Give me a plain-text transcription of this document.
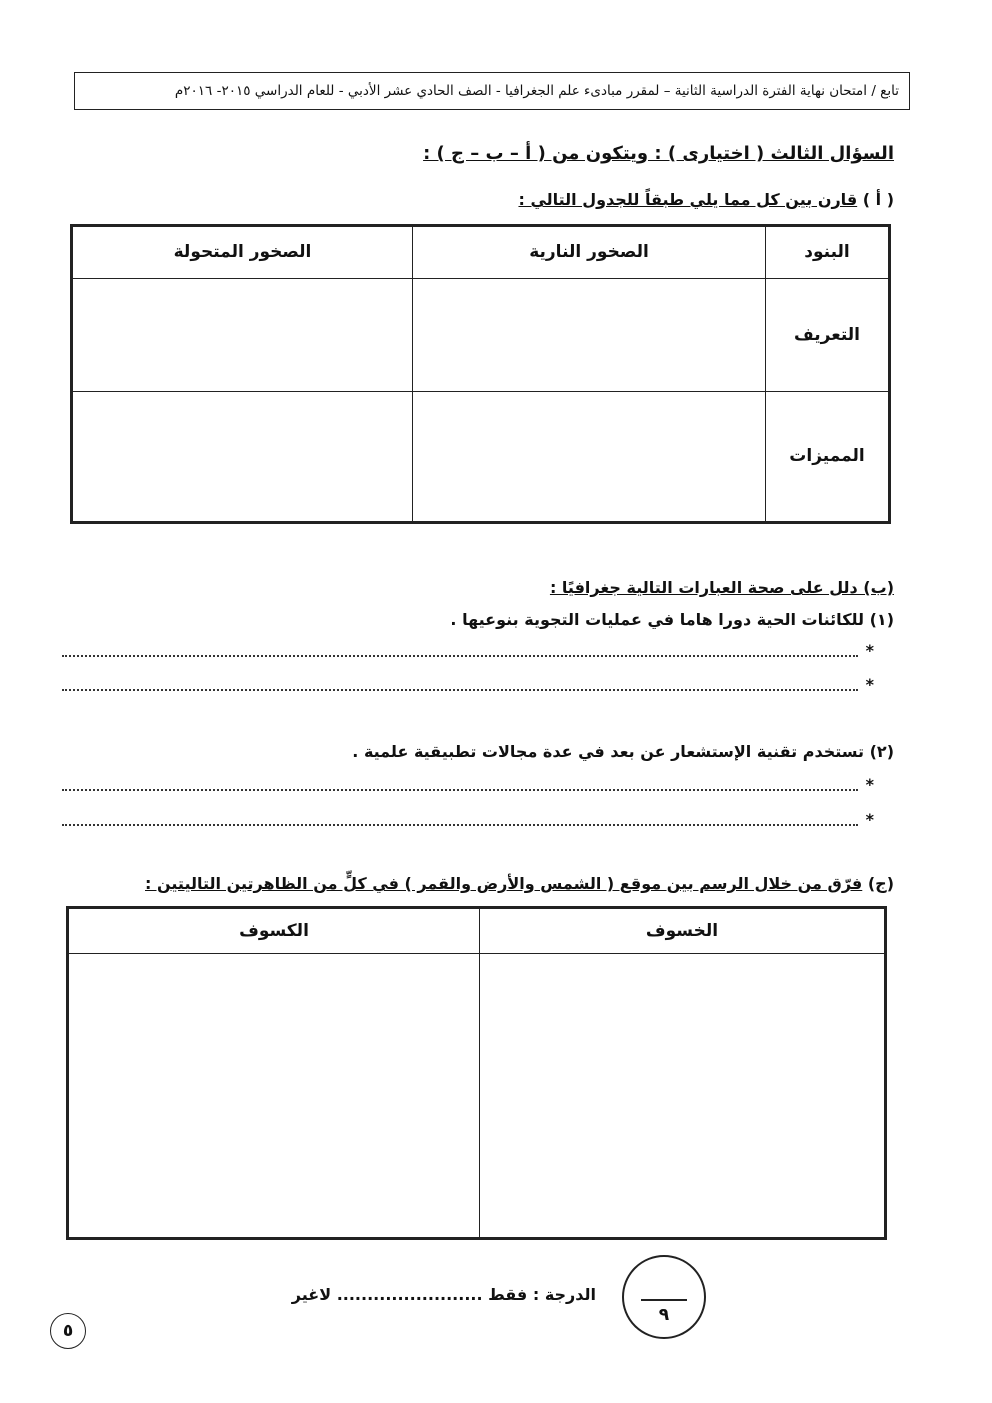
تابع / امتحان نهاية الفترة الدراسية الثانية – لمقرر مبادىء علم الجغرافيا - الصف الحادي عشر الأدبي - للعام الدراسي ٢٠١٥- ٢٠١٦م
السؤال الثالث ( اختيارى ) : ويتكون من ( أ – ب – ج ) :
( أ ) قارن بين كل مما يلي طبقاً للجدول التالي :
البنود	الصخور النارية	الصخور المتحولة
التعريف		
المميزات		
(ب) دلل على صحة العبارات التالية جغرافيًا :
(١) للكائنات الحية دورا هاما في عمليات التجوية بنوعيها .
*
*
(٢) تستخدم تقنية الإستشعار عن بعد في عدة مجالات تطبيقية علمية .
*
*
(ج) فرّق من خلال الرسم بين موقع ( الشمس والأرض والقمر ) في كلٍّ من الظاهرتين التاليتين :
الخسوف	الكسوف

٩
الدرجة : فقط ........................ لاغير
٥
